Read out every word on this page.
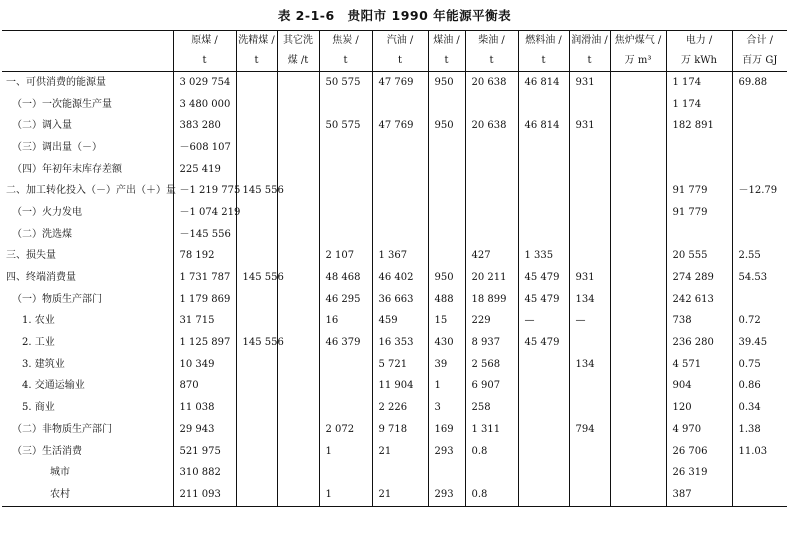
表 2-1-6　贵阳市 1990 年能源平衡表
	原煤 /	洗精煤 /	其它洗	焦炭 /	汽油 /	煤油 /	柴油 /	燃料油 /	润滑油 /	焦炉煤气 /	电力 /	合计 /
	t	t	煤 /t	t	t	t	t	t	t	万 m³	万 kWh	百万 GJ
一、可供消费的能源量	3 029 754			50 575	47 769	950	20 638	46 814	931		1 174	69.88
（一）一次能源生产量	3 480 000										1 174	
（二）调入量	383 280			50 575	47 769	950	20 638	46 814	931		182 891	
（三）调出量（－）	－608 107											
（四）年初年末库存差额	225 419											
二、加工转化投入（－）产出（＋）量	－1 219 775	145 556									91 779	－12.79
（一）火力发电	－1 074 219										91 779	
（二）洗选煤	－145 556											
三、损失量	78 192			2 107	1 367		427	1 335			20 555	2.55
四、终端消费量	1 731 787	145 556		48 468	46 402	950	20 211	45 479	931		274 289	54.53
（一）物质生产部门	1 179 869			46 295	36 663	488	18 899	45 479	134		242 613	
1. 农业	31 715			16	459	15	229	—	—		738	0.72
2. 工业	1 125 897	145 556		46 379	16 353	430	8 937	45 479			236 280	39.45
3. 建筑业	10 349				5 721	39	2 568		134		4 571	0.75
4. 交通运输业	870				11 904	1	6 907				904	0.86
5. 商业	11 038				2 226	3	258				120	0.34
（二）非物质生产部门	29 943			2 072	9 718	169	1 311		794		4 970	1.38
（三）生活消费	521 975			1	21	293	0.8				26 706	11.03
城市	310 882										26 319	
农村	211 093			1	21	293	0.8				387	
